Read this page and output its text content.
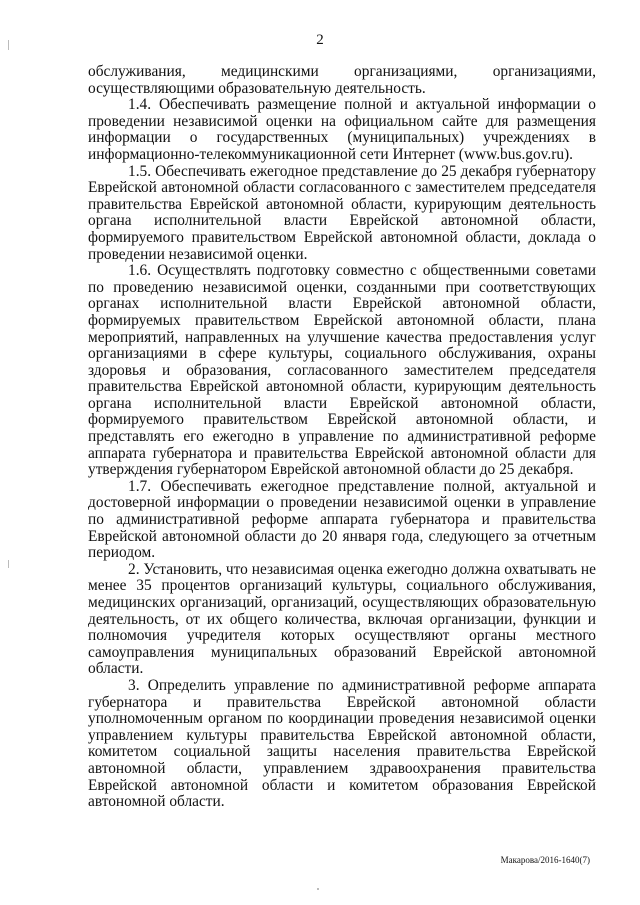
2

обслуживания, медицинскими организациями, организациями, осуществляющими образовательную деятельность.

1.4. Обеспечивать размещение полной и актуальной информации о проведении независимой оценки на официальном сайте для размещения информации о государственных (муниципальных) учреждениях в информационно-телекоммуникационной сети Интернет (www.bus.gov.ru).

1.5. Обеспечивать ежегодное представление до 25 декабря губернатору Еврейской автономной области согласованного с заместителем председателя правительства Еврейской автономной области, курирующим деятельность органа исполнительной власти Еврейской автономной области, формируемого правительством Еврейской автономной области, доклада о проведении независимой оценки.

1.6. Осуществлять подготовку совместно с общественными советами по проведению независимой оценки, созданными при соответствующих органах исполнительной власти Еврейской автономной области, формируемых правительством Еврейской автономной области, плана мероприятий, направленных на улучшение качества предоставления услуг организациями в сфере культуры, социального обслуживания, охраны здоровья и образования, согласованного заместителем председателя правительства Еврейской автономной области, курирующим деятельность органа исполнительной власти Еврейской автономной области, формируемого правительством Еврейской автономной области, и представлять его ежегодно в управление по административной реформе аппарата губернатора и правительства Еврейской автономной области для утверждения губернатором Еврейской автономной области до 25 декабря.

1.7. Обеспечивать ежегодное представление полной, актуальной и достоверной информации о проведении независимой оценки в управление по административной реформе аппарата губернатора и правительства Еврейской автономной области до 20 января года, следующего за отчетным периодом.

2. Установить, что независимая оценка ежегодно должна охватывать не менее 35 процентов организаций культуры, социального обслуживания, медицинских организаций, организаций, осуществляющих образовательную деятельность, от их общего количества, включая организации, функции и полномочия учредителя которых осуществляют органы местного самоуправления муниципальных образований Еврейской автономной области.

3. Определить управление по административной реформе аппарата губернатора и правительства Еврейской автономной области уполномоченным органом по координации проведения независимой оценки управлением культуры правительства Еврейской автономной области, комитетом социальной защиты населения правительства Еврейской автономной области, управлением здравоохранения правительства Еврейской автономной области и комитетом образования Еврейской автономной области.

Макарова/2016-1640(7)
